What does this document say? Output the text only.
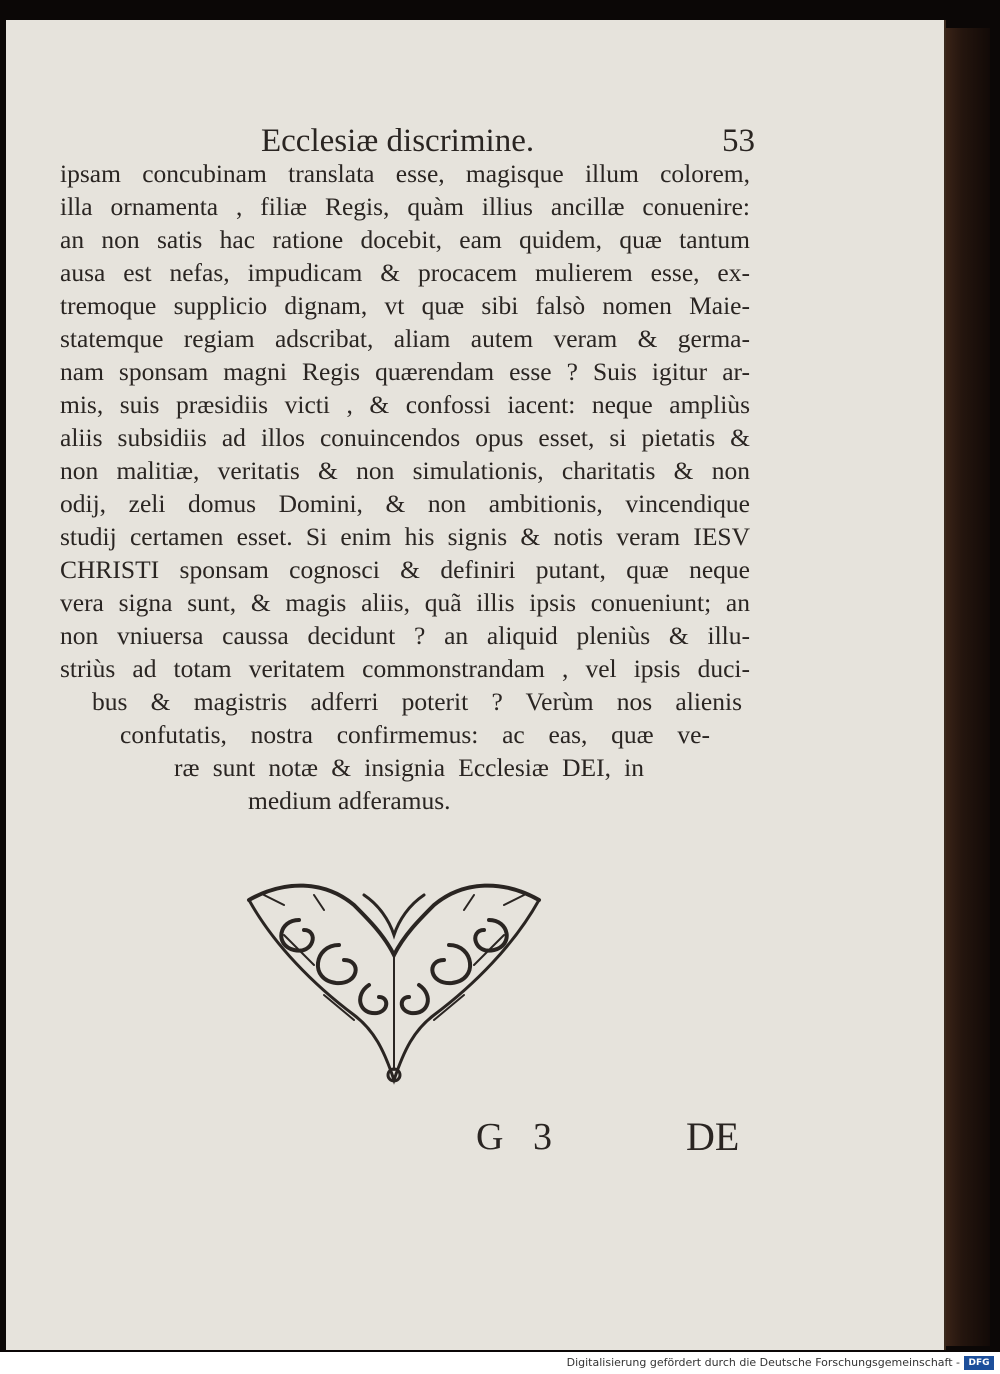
Ecclesiæ discrimine.	53
ipsam concubinam translata esse, magisque illum colorem,
illa ornamenta , filiæ Regis, quàm illius ancillæ conuenire:
an non satis hac ratione docebit, eam quidem, quæ tantum
ausa est nefas, impudicam & procacem mulierem esse, ex-
tremoque supplicio dignam, vt quæ sibi falsò nomen Maie-
statemque regiam adscribat, aliam autem veram & germa-
nam sponsam magni Regis quærendam esse ? Suis igitur ar-
mis, suis præsidiis victi , & confossi iacent: neque ampliùs
aliis subsidiis ad illos conuincendos opus esset, si pietatis &
non malitiæ, veritatis & non simulationis, charitatis & non
odij, zeli domus Domini, & non ambitionis, vincendique
studij certamen esset. Si enim his signis & notis veram IESV
CHRISTI sponsam cognosci & definiri putant, quæ neque
vera signa sunt, & magis aliis, quã illis ipsis conueniunt; an
non vniuersa caussa decidunt ? an aliquid pleniùs & illu-
striùs ad totam veritatem commonstrandam , vel ipsis duci-
bus & magistris adferri poterit ? Verùm nos alienis
confutatis, nostra confirmemus: ac eas, quæ ve-
ræ sunt notæ & insignia Ecclesiæ DEI, in
medium adferamus.
G 3	DE
Digitalisierung gefördert durch die Deutsche Forschungsgemeinschaft - DFG
